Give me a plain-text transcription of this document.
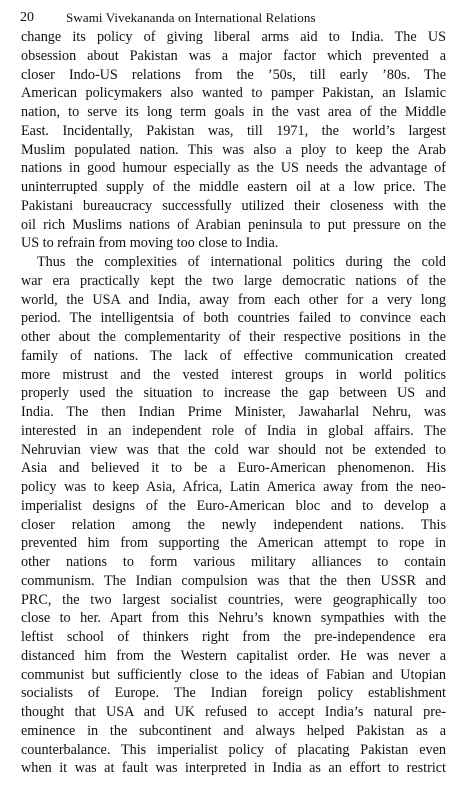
20 Swami Vivekananda on International Relations
change its policy of giving liberal arms aid to India. The US
obsession about Pakistan was a major factor which prevented a
closer Indo-US relations from the ’50s, till early ’80s. The
American policymakers also wanted to pamper Pakistan, an Islamic
nation, to serve its long term goals in the vast area of the Middle
East. Incidentally, Pakistan was, till 1971, the world’s largest
Muslim populated nation. This was also a ploy to keep the Arab
nations in good humour especially as the US needs the advantage of
uninterrupted supply of the middle eastern oil at a low price. The
Pakistani bureaucracy successfully utilized their closeness with the
oil rich Muslims nations of Arabian peninsula to put pressure on the
US to refrain from moving too close to India.
Thus the complexities of international politics during the cold
war era practically kept the two large democratic nations of the
world, the USA and India, away from each other for a very long
period. The intelligentsia of both countries failed to convince each
other about the complementarity of their respective positions in the
family of nations. The lack of effective communication created
more mistrust and the vested interest groups in world politics
properly used the situation to increase the gap between US and
India. The then Indian Prime Minister, Jawaharlal Nehru, was
interested in an independent role of India in global affairs. The
Nehruvian view was that the cold war should not be extended to
Asia and believed it to be a Euro-American phenomenon. His
policy was to keep Asia, Africa, Latin America away from the neo-
imperialist designs of the Euro-American bloc and to develop a
closer relation among the newly independent nations. This
prevented him from supporting the American attempt to rope in
other nations to form various military alliances to contain
communism. The Indian compulsion was that the then USSR and
PRC, the two largest socialist countries, were geographically too
close to her. Apart from this Nehru’s known sympathies with the
leftist school of thinkers right from the pre-independence era
distanced him from the Western capitalist order. He was never a
communist but sufficiently close to the ideas of Fabian and Utopian
socialists of Europe. The Indian foreign policy establishment
thought that USA and UK refused to accept India’s natural pre-
eminence in the subcontinent and always helped Pakistan as a
counterbalance. This imperialist policy of placating Pakistan even
when it was at fault was interpreted in India as an effort to restrict
